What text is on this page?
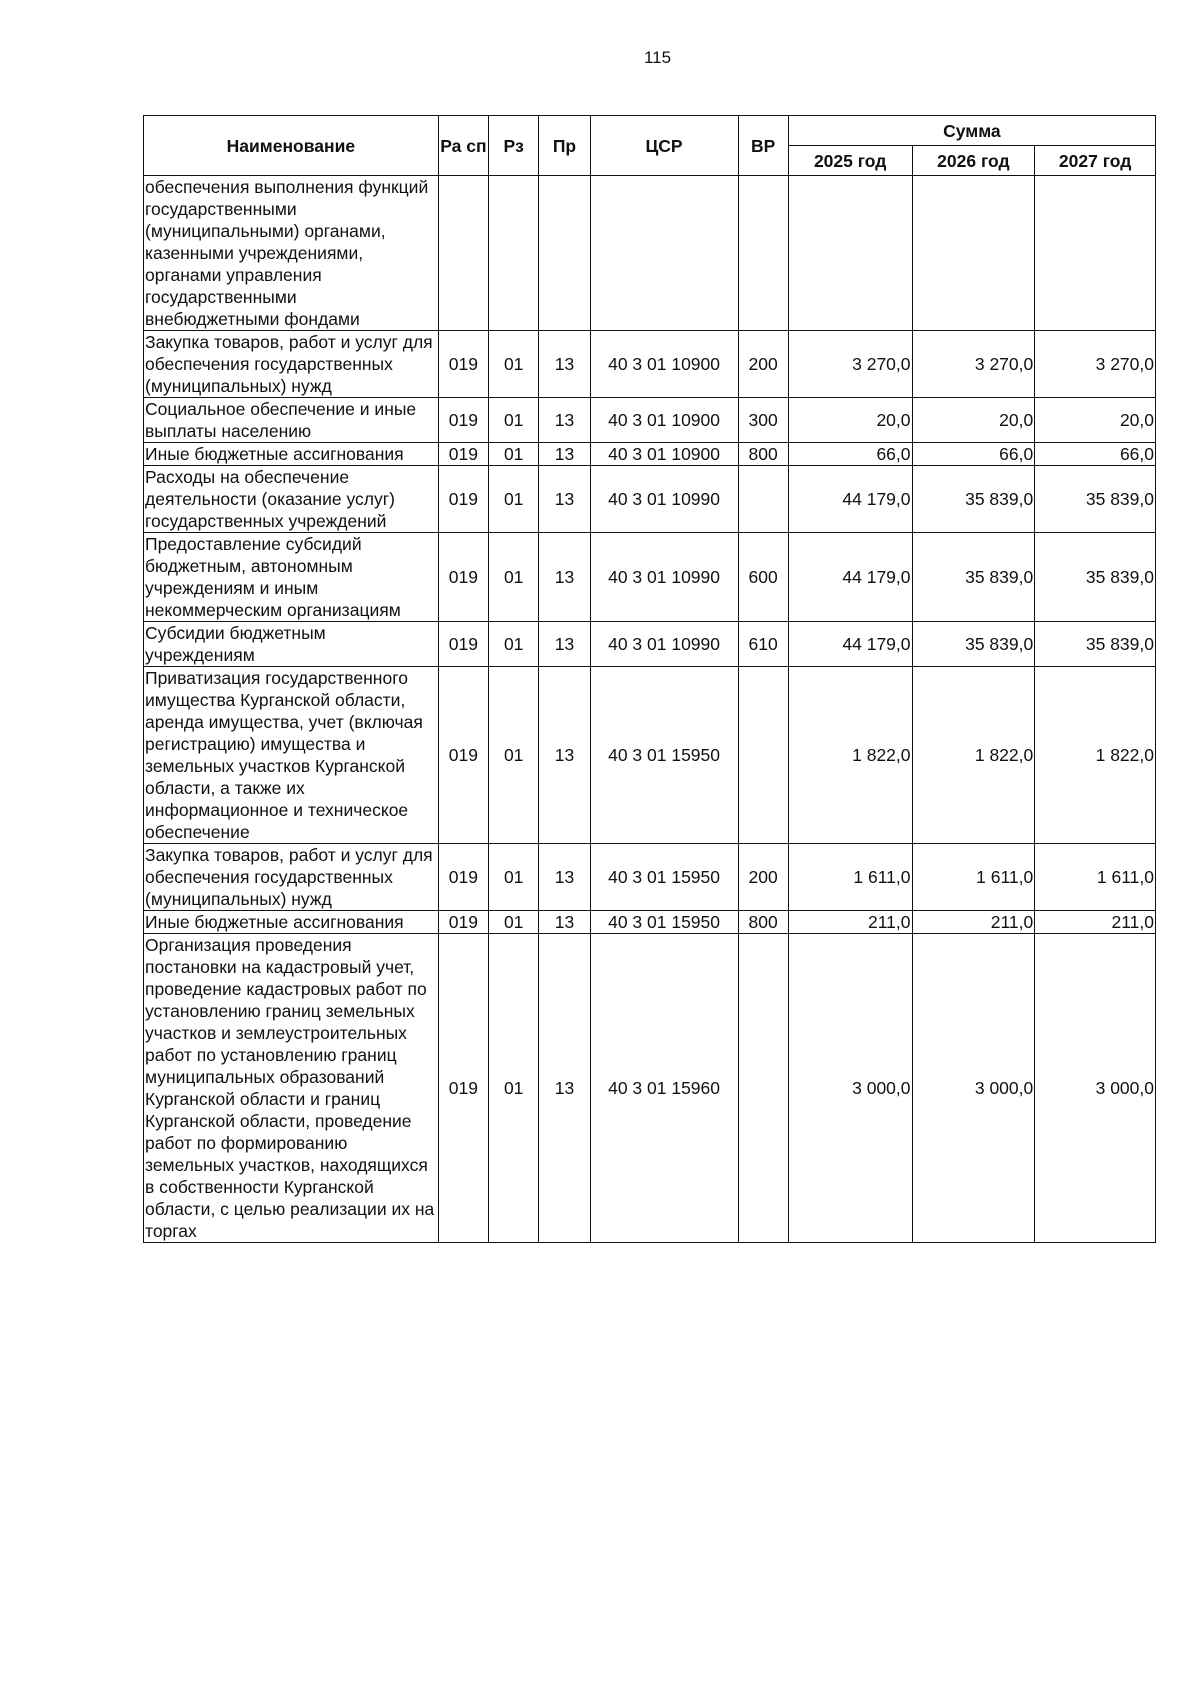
115
Наименование	Ра сп	Рз	Пр	ЦСР	ВР	Сумма		
						2025 год	2026 год	2027 год
обеспечения выполнения функций государственными (муниципальными) органами, казенными учреждениями, органами управления государственными внебюджетными фондами								
Закупка товаров, работ и услуг для обеспечения государственных (муниципальных) нужд	019	01	13	40 3 01 10900	200	3 270,0	3 270,0	3 270,0
Социальное обеспечение и иные выплаты населению	019	01	13	40 3 01 10900	300	20,0	20,0	20,0
Иные бюджетные ассигнования	019	01	13	40 3 01 10900	800	66,0	66,0	66,0
Расходы на обеспечение деятельности (оказание услуг) государственных учреждений	019	01	13	40 3 01 10990		44 179,0	35 839,0	35 839,0
Предоставление субсидий бюджетным, автономным учреждениям и иным некоммерческим организациям	019	01	13	40 3 01 10990	600	44 179,0	35 839,0	35 839,0
Субсидии бюджетным учреждениям	019	01	13	40 3 01 10990	610	44 179,0	35 839,0	35 839,0
Приватизация государственного имущества Курганской области, аренда имущества, учет (включая регистрацию) имущества и земельных участков Курганской области, а также их информационное и техническое обеспечение	019	01	13	40 3 01 15950		1 822,0	1 822,0	1 822,0
Закупка товаров, работ и услуг для обеспечения государственных (муниципальных) нужд	019	01	13	40 3 01 15950	200	1 611,0	1 611,0	1 611,0
Иные бюджетные ассигнования	019	01	13	40 3 01 15950	800	211,0	211,0	211,0
Организация проведения постановки на кадастровый учет, проведение кадастровых работ по установлению границ земельных участков и землеустроительных работ по установлению границ муниципальных образований Курганской области и границ Курганской области, проведение работ по формированию земельных участков, находящихся в собственности Курганской области, с целью реализации их на торгах	019	01	13	40 3 01 15960		3 000,0	3 000,0	3 000,0
